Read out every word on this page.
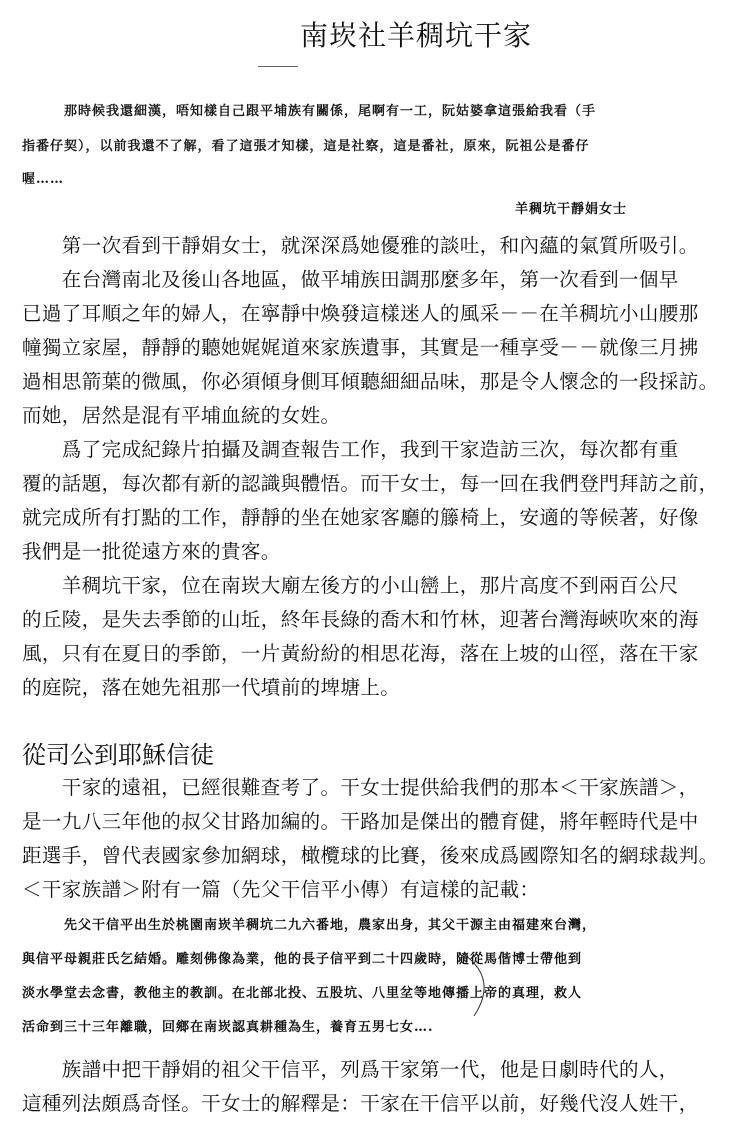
南崁社羊稠坑干家
那時候我還細漢，唔知樣自己跟平埔族有關係，尾啊有一工，阮姑婆拿這張給我看（手
指番仔契），以前我還不了解，看了這張才知樣，這是社察，這是番社，原來，阮祖公是番仔
喔……
羊稠坑干靜娟女士
　　第一次看到干靜娟女士，就深深爲她優雅的談吐，和內蘊的氣質所吸引。
　　在台灣南北及後山各地區，做平埔族田調那麼多年，第一次看到一個早
已過了耳順之年的婦人，在寧靜中煥發這樣迷人的風采－－在羊稠坑小山腰那
幢獨立家屋，靜靜的聽她娓娓道來家族遺事，其實是一種享受－－就像三月拂
過相思箭葉的微風，你必須傾身側耳傾聽細細品味，那是令人懷念的一段採訪。
而她，居然是混有平埔血統的女姓。
　　爲了完成紀錄片拍攝及調查報告工作，我到干家造訪三次，每次都有重
覆的話題，每次都有新的認識與體悟。而干女士，每一回在我們登門拜訪之前，
就完成所有打點的工作，靜靜的坐在她家客廳的籐椅上，安適的等候著，好像
我們是一批從遠方來的貴客。
　　羊稠坑干家，位在南崁大廟左後方的小山巒上，那片高度不到兩百公尺
的丘陵，是失去季節的山坵，終年長綠的喬木和竹林，迎著台灣海峽吹來的海
風，只有在夏日的季節，一片黃紛紛的相思花海，落在上坡的山徑，落在干家
的庭院，落在她先祖那一代墳前的埤塘上。
從司公到耶穌信徒
　　干家的遠祖，已經很難查考了。干女士提供給我們的那本＜干家族譜＞，
是一九八三年他的叔父甘路加編的。干路加是傑出的體育健，將年輕時代是中
距選手，曾代表國家參加網球，橄欖球的比賽，後來成爲國際知名的網球裁判。
＜干家族譜＞附有一篇（先父干信平小傳）有這樣的記載：
先父干信平出生於桃園南崁羊稠坑二九六番地，農家出身，其父干源主由福建來台灣，
與信平母親莊氏乞結婚。雕刻佛像為業，他的長子信平到二十四歲時，隨從馬偕博士帶他到
淡水學堂去念書，教他主的教訓。在北部北投、五股坑、八里坌等地傳播上帝的真理，救人
活命到三十三年離職，回鄉在南崁認真耕種為生，養育五男七女….
　　族譜中把干靜娟的祖父干信平，列爲干家第一代，他是日劇時代的人，
這種列法頗爲奇怪。干女士的解釋是：干家在干信平以前，好幾代沒人姓干，
